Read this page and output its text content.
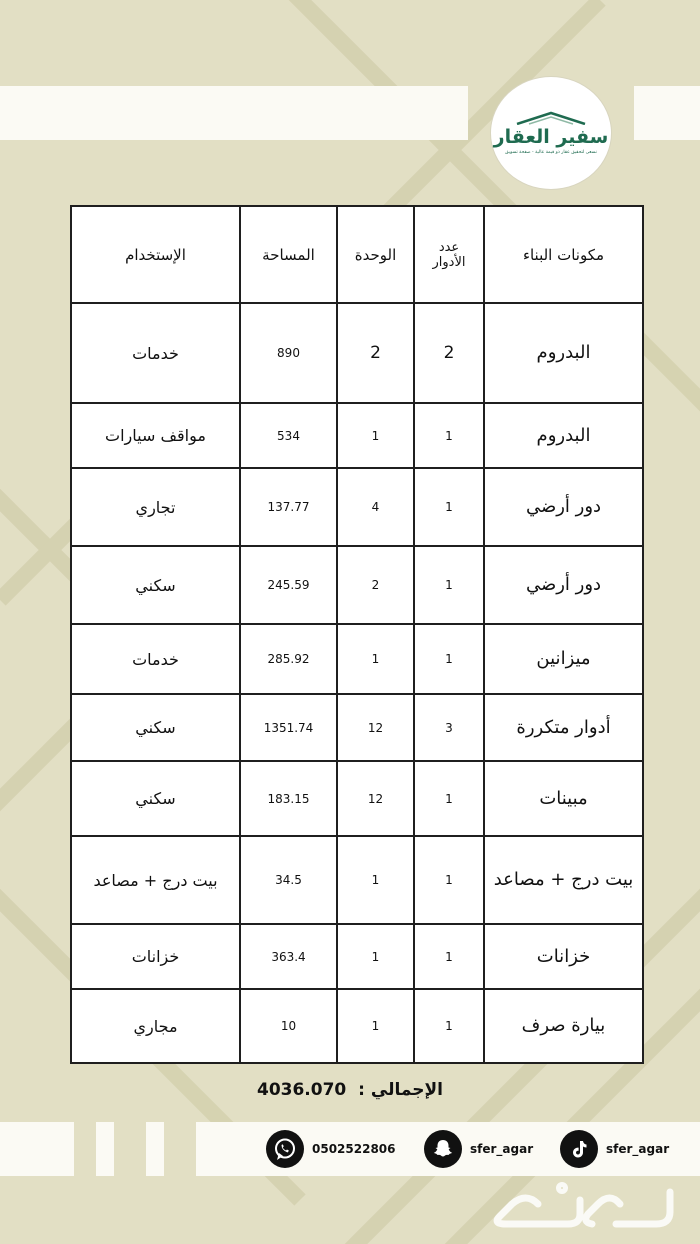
سفير العقار
نسعى لتحقيق عقار ذو قيمة عالية - صفحة تسويق
مكونات البناء	عدد الأدوار	الوحدة	المساحة	الإستخدام
البدروم	2	2	890	خدمات
البدروم	1	1	534	مواقف سيارات
دور أرضي	1	4	137.77	تجاري
دور أرضي	1	2	245.59	سكني
ميزانين	1	1	285.92	خدمات
أدوار متكررة	3	12	1351.74	سكني
مبينات	1	12	183.15	سكني
بيت درج + مصاعد	1	1	34.5	بيت درج + مصاعد
خزانات	1	1	363.4	خزانات
بيارة صرف	1	1	10	مجاري
الإجمالي : 4036.070
0502522806	sfer_agar	sfer_agar
